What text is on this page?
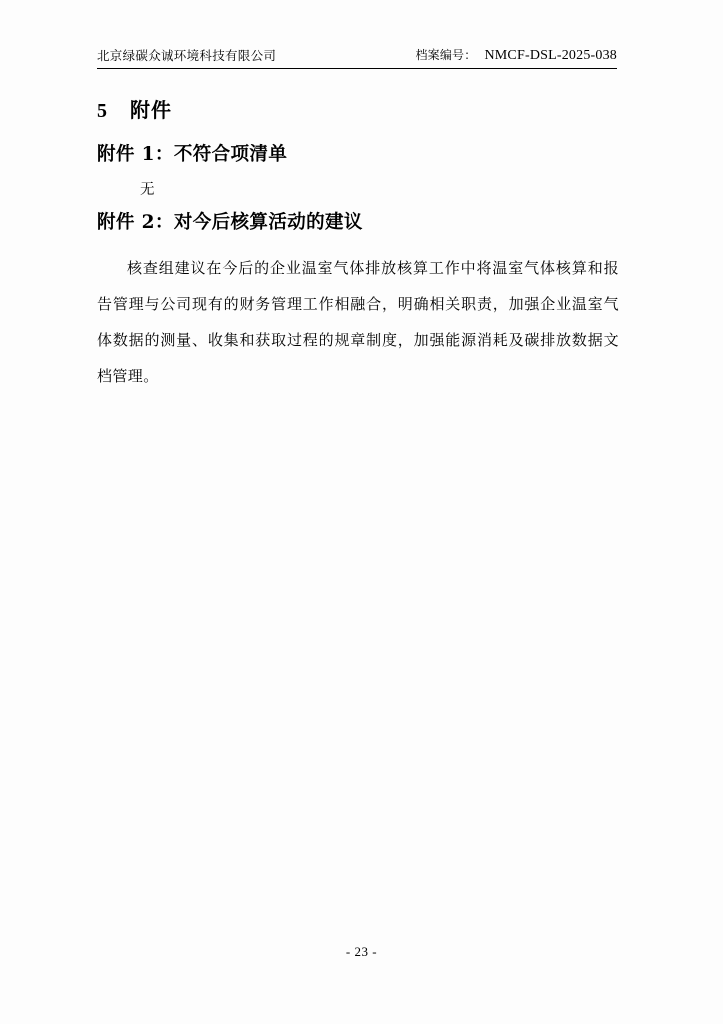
北京绿碳众诚环境科技有限公司	档案编号： NMCF-DSL-2025-038
5 附件
附件 1：不符合项清单
无
附件 2：对今后核算活动的建议
核查组建议在今后的企业温室气体排放核算工作中将温室气体核算和报告管理与公司现有的财务管理工作相融合，明确相关职责，加强企业温室气体数据的测量、收集和获取过程的规章制度，加强能源消耗及碳排放数据文档管理。
- 23 -
